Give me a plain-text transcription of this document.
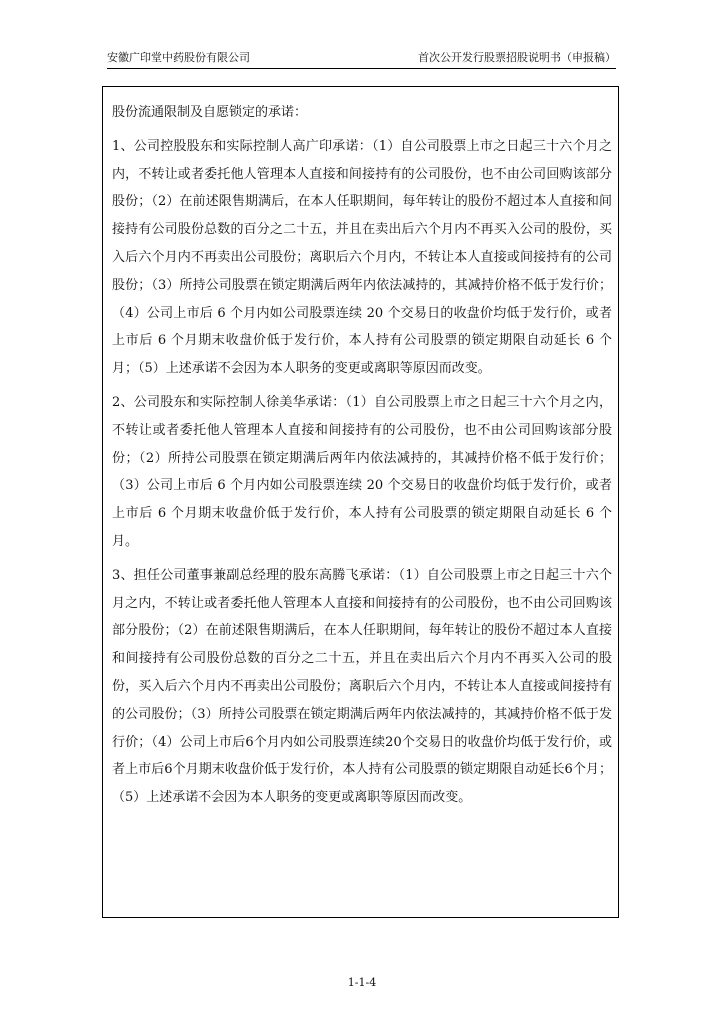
安徽广印堂中药股份有限公司	首次公开发行股票招股说明书（申报稿）

股份流通限制及自愿锁定的承诺：

1、公司控股股东和实际控制人高广印承诺：（1）自公司股票上市之日起三十六个月之内，不转让或者委托他人管理本人直接和间接持有的公司股份，也不由公司回购该部分股份；（2）在前述限售期满后，在本人任职期间，每年转让的股份不超过本人直接和间接持有公司股份总数的百分之二十五，并且在卖出后六个月内不再买入公司的股份，买入后六个月内不再卖出公司股份；离职后六个月内，不转让本人直接或间接持有的公司股份；（3）所持公司股票在锁定期满后两年内依法减持的，其减持价格不低于发行价；（4）公司上市后 6 个月内如公司股票连续 20 个交易日的收盘价均低于发行价，或者上市后 6 个月期末收盘价低于发行价，本人持有公司股票的锁定期限自动延长 6 个月；（5）上述承诺不会因为本人职务的变更或离职等原因而改变。

2、公司股东和实际控制人徐美华承诺：（1）自公司股票上市之日起三十六个月之内，不转让或者委托他人管理本人直接和间接持有的公司股份，也不由公司回购该部分股份；（2）所持公司股票在锁定期满后两年内依法减持的，其减持价格不低于发行价；（3）公司上市后 6 个月内如公司股票连续 20 个交易日的收盘价均低于发行价，或者上市后 6 个月期末收盘价低于发行价，本人持有公司股票的锁定期限自动延长 6 个月。

3、担任公司董事兼副总经理的股东高腾飞承诺：（1）自公司股票上市之日起三十六个月之内，不转让或者委托他人管理本人直接和间接持有的公司股份，也不由公司回购该部分股份；（2）在前述限售期满后，在本人任职期间，每年转让的股份不超过本人直接和间接持有公司股份总数的百分之二十五，并且在卖出后六个月内不再买入公司的股份，买入后六个月内不再卖出公司股份；离职后六个月内，不转让本人直接或间接持有的公司股份；（3）所持公司股票在锁定期满后两年内依法减持的，其减持价格不低于发行价；（4）公司上市后6个月内如公司股票连续20个交易日的收盘价均低于发行价，或者上市后6个月期末收盘价低于发行价，本人持有公司股票的锁定期限自动延长6个月；（5）上述承诺不会因为本人职务的变更或离职等原因而改变。

1-1-4
